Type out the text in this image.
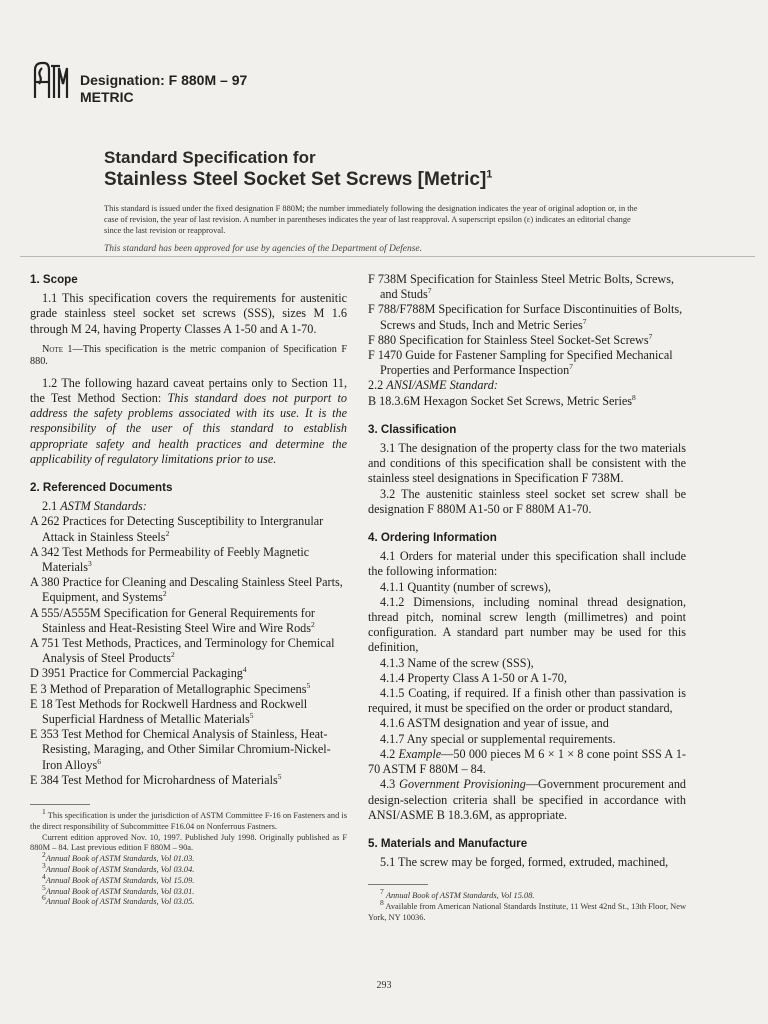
Designation: F 880M – 97
METRIC
Standard Specification for
Stainless Steel Socket Set Screws [Metric]$^1$
This standard is issued under the fixed designation F 880M; the number immediately following the designation indicates the year of original adoption or, in the case of revision, the year of last revision. A number in parentheses indicates the year of last reapproval. A superscript epsilon (ε) indicates an editorial change since the last revision or reapproval.
This standard has been approved for use by agencies of the Department of Defense.
1. Scope

1.1 This specification covers the requirements for austenitic grade stainless steel socket set screws (SSS), sizes M 1.6 through M 24, having Property Classes A 1-50 and A 1-70.

Note 1—This specification is the metric companion of Specification F 880.

1.2 The following hazard caveat pertains only to Section 11, the Test Method Section: This standard does not purport to address the safety problems associated with its use. It is the responsibility of the user of this standard to establish appropriate safety and health practices and determine the applicability of regulatory limitations prior to use.

2. Referenced Documents

2.1 ASTM Standards:

A 262 Practices for Detecting Susceptibility to Intergranular Attack in Stainless Steels$^2$

A 342 Test Methods for Permeability of Feebly Magnetic Materials$^3$

A 380 Practice for Cleaning and Descaling Stainless Steel Parts, Equipment, and Systems$^2$

A 555/A555M Specification for General Requirements for Stainless and Heat-Resisting Steel Wire and Wire Rods$^2$

A 751 Test Methods, Practices, and Terminology for Chemical Analysis of Steel Products$^2$

D 3951 Practice for Commercial Packaging$^4$

E 3 Method of Preparation of Metallographic Specimens$^5$

E 18 Test Methods for Rockwell Hardness and Rockwell Superficial Hardness of Metallic Materials$^5$

E 353 Test Method for Chemical Analysis of Stainless, Heat-Resisting, Maraging, and Other Similar Chromium-Nickel-Iron Alloys$^6$

E 384 Test Method for Microhardness of Materials$^5$

$^1$ This specification is under the jurisdiction of ASTM Committee F-16 on Fasteners and is the direct responsibility of Subcommittee F16.04 on Nonferrous Fastners.

Current edition approved Nov. 10, 1997. Published July 1998. Originally published as F 880M – 84. Last previous edition F 880M – 90a.

$^2$Annual Book of ASTM Standards, Vol 01.03.

$^3$Annual Book of ASTM Standards, Vol 03.04.

$^4$Annual Book of ASTM Standards, Vol 15.09.

$^5$Annual Book of ASTM Standards, Vol 03.01.

$^6$Annual Book of ASTM Standards, Vol 03.05.

F 738M Specification for Stainless Steel Metric Bolts, Screws, and Studs$^7$

F 788/F788M Specification for Surface Discontinuities of Bolts, Screws and Studs, Inch and Metric Series$^7$

F 880 Specification for Stainless Steel Socket-Set Screws$^7$

F 1470 Guide for Fastener Sampling for Specified Mechanical Properties and Performance Inspection$^7$

2.2 ANSI/ASME Standard:

B 18.3.6M Hexagon Socket Set Screws, Metric Series$^8$

3. Classification

3.1 The designation of the property class for the two materials and conditions of this specification shall be consistent with the stainless steel designations in Specification F 738M.

3.2 The austenitic stainless steel socket set screw shall be designation F 880M A1-50 or F 880M A1-70.

4. Ordering Information

4.1 Orders for material under this specification shall include the following information:

4.1.1 Quantity (number of screws),

4.1.2 Dimensions, including nominal thread designation, thread pitch, nominal screw length (millimetres) and point configuration. A standard part number may be used for this definition,

4.1.3 Name of the screw (SSS),

4.1.4 Property Class A 1-50 or A 1-70,

4.1.5 Coating, if required. If a finish other than passivation is required, it must be specified on the order or product standard,

4.1.6 ASTM designation and year of issue, and

4.1.7 Any special or supplemental requirements.

4.2 Example—50 000 pieces M 6 × 1 × 8 cone point SSS A 1-70 ASTM F 880M – 84.

4.3 Government Provisioning—Government procurement and design-selection criteria shall be specified in accordance with ANSI/ASME B 18.3.6M, as appropriate.

5. Materials and Manufacture

5.1 The screw may be forged, formed, extruded, machined,

$^7$ Annual Book of ASTM Standards, Vol 15.08.

$^8$ Available from American National Standards Institute, 11 West 42nd St., 13th Floor, New York, NY 10036.

293
